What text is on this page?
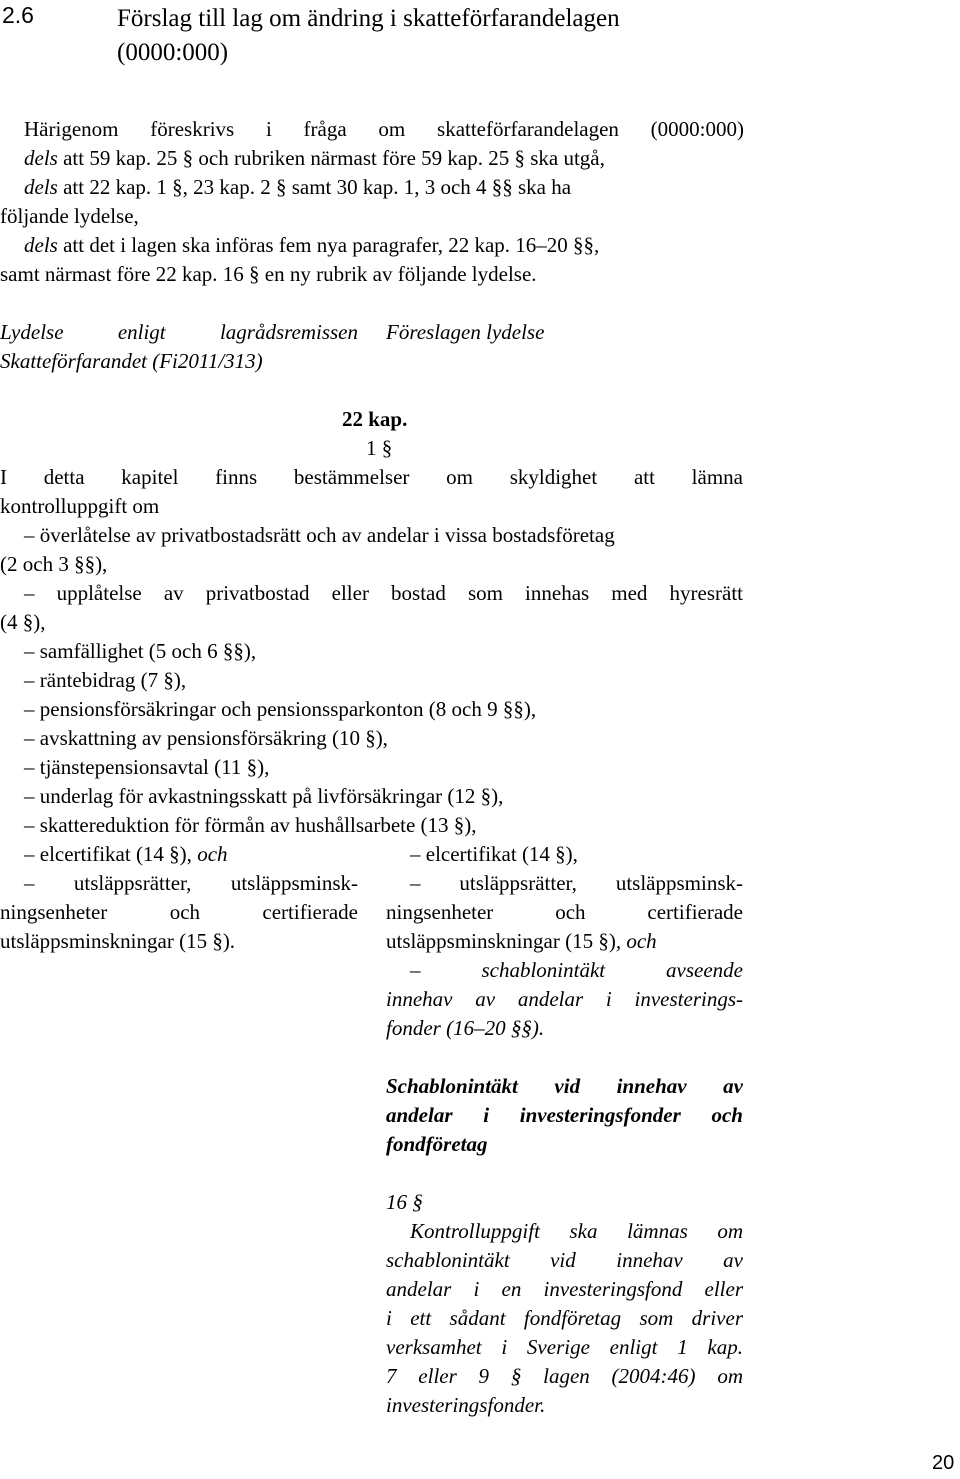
2.6	Förslag till lag om ändring i skatteförfarandelagen
(0000:000)
Härigenom föreskrivs i fråga om skatteförfarandelagen (0000:000)
dels att 59 kap. 25 § och rubriken närmast före 59 kap. 25 § ska utgå,
dels att 22 kap. 1 §, 23 kap. 2 § samt 30 kap. 1, 3 och 4 §§ ska ha
följande lydelse,
dels att det i lagen ska införas fem nya paragrafer, 22 kap. 16–20 §§,
samt närmast före 22 kap. 16 § en ny rubrik av följande lydelse.
Lydelse enligt lagrådsremissen
Skatteförfarandet (Fi2011/313)
Föreslagen lydelse
22 kap.
1 §
I detta kapitel finns bestämmelser om skyldighet att lämna
kontrolluppgift om
– överlåtelse av privatbostadsrätt och av andelar i vissa bostadsföretag
(2 och 3 §§),
– upplåtelse av privatbostad eller bostad som innehas med hyresrätt
(4 §),
– samfällighet (5 och 6 §§),
– räntebidrag (7 §),
– pensionsförsäkringar och pensionssparkonton (8 och 9 §§),
– avskattning av pensionsförsäkring (10 §),
– tjänstepensionsavtal (11 §),
– underlag för avkastningsskatt på livförsäkringar (12 §),
– skattereduktion för förmån av hushållsarbete (13 §),
– elcertifikat (14 §), och
– utsläppsrätter, utsläppsminsk-
ningsenheter och certifierade
utsläppsminskningar (15 §).
– elcertifikat (14 §),
– utsläppsrätter, utsläppsminsk-
ningsenheter och certifierade
utsläppsminskningar (15 §), och
– schablonintäkt avseende
innehav av andelar i investerings-
fonder (16–20 §§).
Schablonintäkt vid innehav av
andelar i investeringsfonder och
fondföretag
16 §
Kontrolluppgift ska lämnas om
schablonintäkt vid innehav av
andelar i en investeringsfond eller
i ett sådant fondföretag som driver
verksamhet i Sverige enligt 1 kap.
7 eller 9 § lagen (2004:46) om
investeringsfonder.
20
